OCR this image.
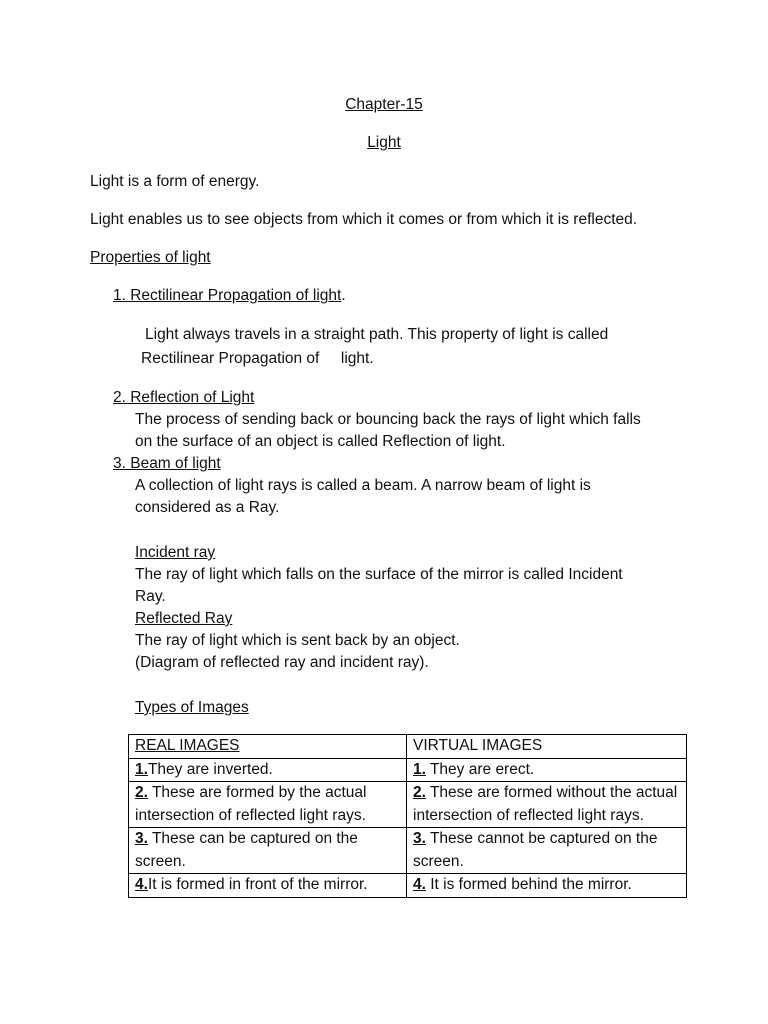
Chapter-15
Light
Light is a form of energy.
Light enables us to see objects from which it comes or from which it is reflected.
Properties of light
1. Rectilinear Propagation of light.
Light always travels in a straight path. This property of light is called
Rectilinear Propagation of     light.
2. Reflection of Light
The process of sending back or bouncing back the rays of light which falls
on the surface of an object is called Reflection of light.
3. Beam of light
A collection of light rays is called a beam. A narrow beam of light is
considered as a Ray.
Incident ray
The ray of light which falls on the surface of the mirror is called Incident
Ray.
Reflected Ray
The ray of light which is sent back by an object.
(Diagram of reflected ray and incident ray).
Types of Images
REAL IMAGES	VIRTUAL IMAGES
1.They are inverted.	1. They are erect.
2. These are formed by the actual intersection of reflected light rays.	2. These are formed without the actual intersection of reflected light rays.
3. These can be captured on the screen.	3. These cannot be captured on the screen.
4.It is formed in front of the mirror.	4. It is formed behind the mirror.
